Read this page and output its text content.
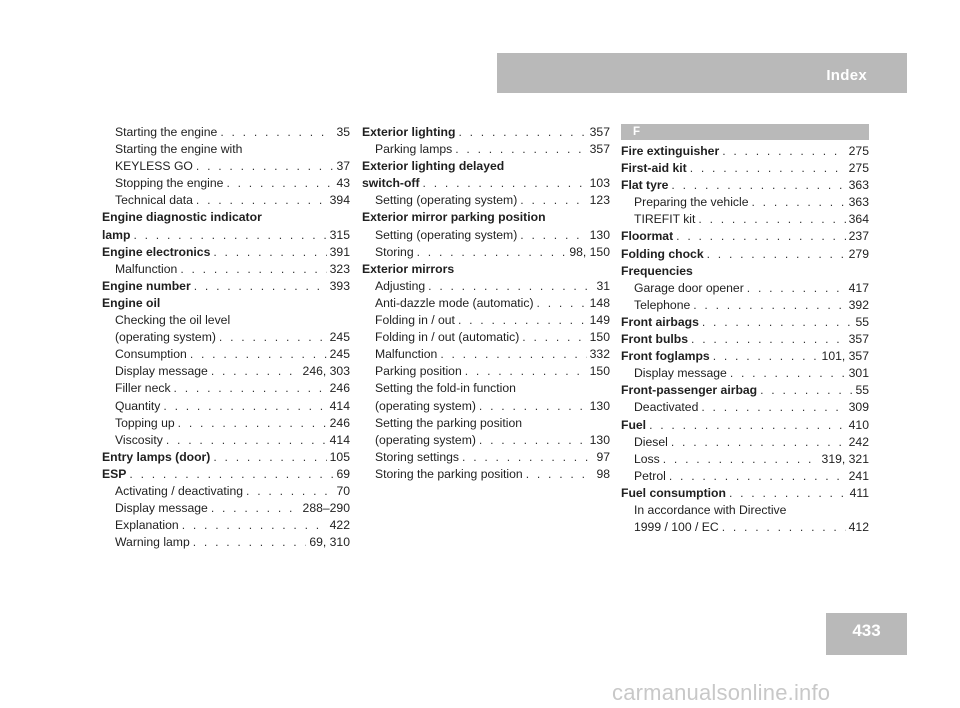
Index
Starting the engine . . .	35
Starting the engine with
KEYLESS GO . . .	37
Stopping the engine . . .	43
Technical data . . .	394
Engine diagnostic indicator
lamp . . .	315
Engine electronics . . .	391
Malfunction . . .	323
Engine number . . .	393
Engine oil
Checking the oil level
(operating system) . . .	245
Consumption . . .	245
Display message . . .	246, 303
Filler neck . . .	246
Quantity . . .	414
Topping up . . .	246
Viscosity . . .	414
Entry lamps (door) . . .	105
ESP . . .	69
Activating / deactivating . . .	70
Display message . . .	288–290
Explanation . . .	422
Warning lamp . . .	69, 310
Exterior lighting . . .	357
Parking lamps . . .	357
Exterior lighting delayed
switch-off . . .	103
Setting (operating system) . . .	123
Exterior mirror parking position
Setting (operating system) . . .	130
Storing . . .	98, 150
Exterior mirrors
Adjusting . . .	31
Anti-dazzle mode (automatic) . . .	148
Folding in / out . . .	149
Folding in / out (automatic) . . .	150
Malfunction . . .	332
Parking position . . .	150
Setting the fold-in function
(operating system) . . .	130
Setting the parking position
(operating system) . . .	130
Storing settings . . .	97
Storing the parking position . . .	98
F
Fire extinguisher . . .	275
First-aid kit . . .	275
Flat tyre . . .	363
Preparing the vehicle . . .	363
TIREFIT kit . . .	364
Floormat . . .	237
Folding chock . . .	279
Frequencies
Garage door opener . . .	417
Telephone . . .	392
Front airbags . . .	55
Front bulbs . . .	357
Front foglamps . . .	101, 357
Display message . . .	301
Front-passenger airbag . . .	55
Deactivated . . .	309
Fuel . . .	410
Diesel . . .	242
Loss . . .	319, 321
Petrol . . .	241
Fuel consumption . . .	411
In accordance with Directive
1999 / 100 / EC . . .	412
433
carmanualsonline.info
